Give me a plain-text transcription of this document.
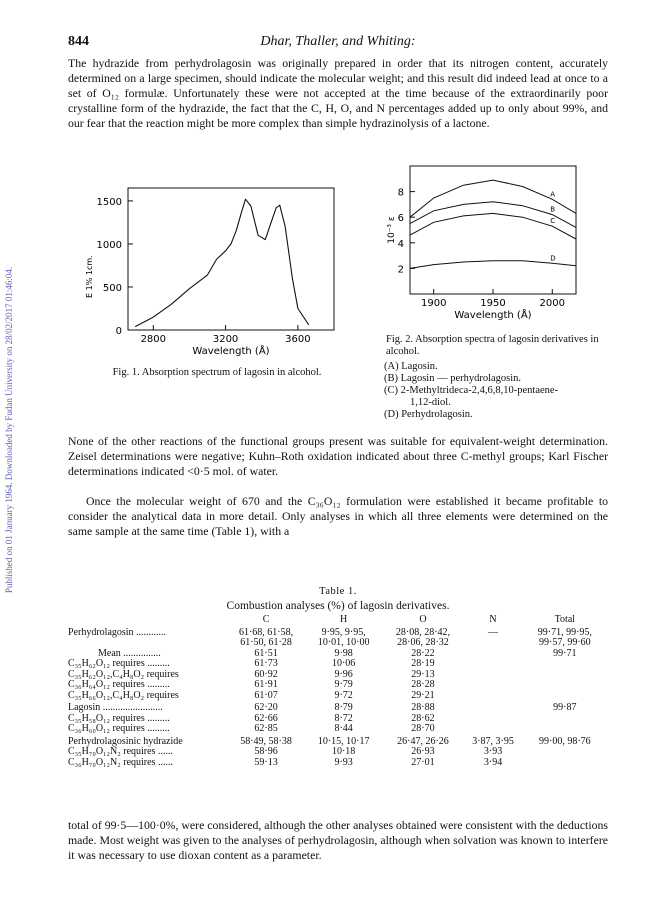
Published on 01 January 1964. Downloaded by Fudan University on 28/02/2017 01:46:04.
844	Dhar, Thaller, and Whiting:
The hydrazide from perhydrolagosin was originally prepared in order that its nitrogen content, accurately determined on a large specimen, should indicate the molecular weight; and this result did indeed lead at once to a set of O₁₂ formulæ. Unfortunately these were not accepted at the time because of the extraordinarily poor crystalline form of the hydrazide, the fact that the C, H, O, and N percentages added up to only about 99%, and our fear that the reaction might be more complex than simple hydrazinolysis of a lactone.
0
500
1000
1500
2800	3200	3600
Wavelength (Å)
E 1% 1cm.
Fig. 1. Absorption spectrum of lagosin in alcohol.
2
4
6
8
1900	1950	2000
A
B
C
D
Wavelength (Å)
10⁻³ ε
Fig. 2. Absorption spectra of lagosin derivatives in alcohol.
(A) Lagosin.
(B) Lagosin — perhydrolagosin.
(C) 2-Methyltrideca-2,4,6,8,10-pentaene-
1,12-diol.
(D) Perhydrolagosin.
None of the other reactions of the functional groups present was suitable for equivalent-weight determination. Zeisel determinations were negative; Kuhn–Roth oxidation indicated about three C-methyl groups; Karl Fischer determinations indicated <0·5 mol. of water.
Once the molecular weight of 670 and the C₃₆O₁₂ formulation were established it became profitable to consider the analytical data in more detail. Only analyses in which all three elements were determined on the same sample at the same time (Table 1), with a
Table 1.
Combustion analyses (%) of lagosin derivatives.
	C	H	O	N	Total
Perhydrolagosin ............	61·68, 61·58,	9·95, 9·95,	28·08, 28·42,	—	99·71, 99·95,
	61·50, 61·28	10·01, 10·00	28·06, 28·32		99·57, 99·60
Mean ...............	61·51	9·98	28·22		99·71
C₃₅H₆₂O₁₂ requires .........	61·73	10·06	28·19		
C₃₅H₆₂O₁₂,C₄H₈O₂ requires	60·92	9·96	29·13		
C₃₆H₆₄O₁₂ requires .........	61·91	9·79	28·28		
C₃₅H₆₆O₁₂,C₄H₈O₂ requires	61·07	9·72	29·21		
Lagosin ........................	62·20	8·79	28·88		99·87
C₃₅H₅₈O₁₂ requires .........	62·66	8·72	28·62		
C₃₆H₆₀O₁₂ requires .........	62·85	8·44	28·70		
Perhydrolagosinic hydrazide	58·49, 58·38	10·15, 10·17	26·47, 26·26	3·87, 3·95	99·00, 98·76
C₃₅H₇₀O₁₂N₂ requires ......	58·96	10·18	26·93	3·93	
C₃₆H₇₀O₁₂N₂ requires ......	59·13	9·93	27·01	3·94	
total of 99·5—100·0%, were considered, although the other analyses obtained were consistent with the deductions made. Most weight was given to the analyses of perhydrolagosin, although when solvation was known to interfere it was necessary to use dioxan content as a parameter.
